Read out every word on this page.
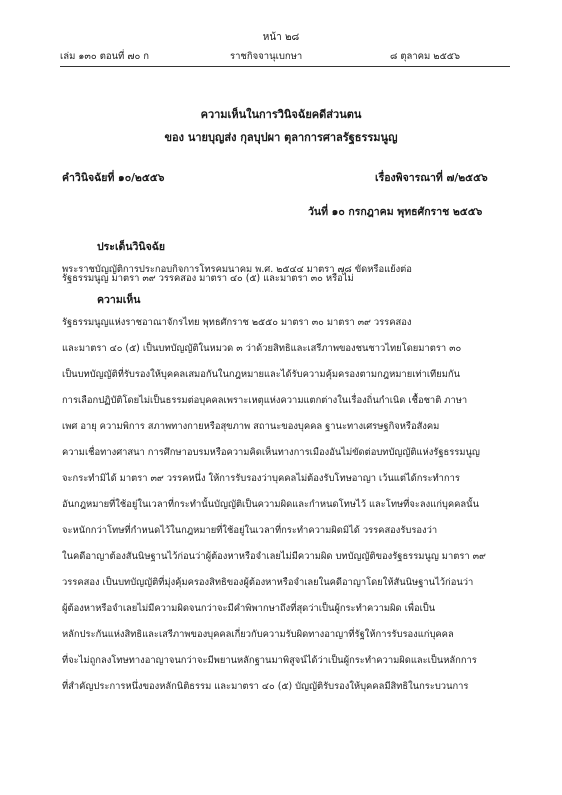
หน้า ๒๘
เล่ม ๑๓๐ ตอนที่ ๗๐ ก	ราชกิจจานุเบกษา	๘ ตุลาคม ๒๕๕๖
ความเห็นในการวินิจฉัยคดีส่วนตน
ของ นายบุญส่ง กุลบุปผา ตุลาการศาลรัฐธรรมนูญ
คำวินิจฉัยที่ ๑๐/๒๕๕๖	เรื่องพิจารณาที่ ๗/๒๕๕๖
วันที่ ๑๐ กรกฎาคม พุทธศักราช ๒๕๕๖
ประเด็นวินิจฉัย
พระราชบัญญัติการประกอบกิจการโทรคมนาคม พ.ศ. ๒๕๔๔ มาตรา ๗๘ ขัดหรือแย้งต่อ
ความเห็น
รัฐธรรมนูญ มาตรา ๓๙ วรรคสอง มาตรา ๔๐ (๕) และมาตรา ๓๐ หรือไม่
รัฐธรรมนูญแห่งราชอาณาจักรไทย พุทธศักราช ๒๕๕๐ มาตรา ๓๐ มาตรา ๓๙ วรรคสอง
และมาตรา ๔๐ (๕) เป็นบทบัญญัติในหมวด ๓ ว่าด้วยสิทธิและเสรีภาพของชนชาวไทยโดยมาตรา ๓๐
เป็นบทบัญญัติที่รับรองให้บุคคลเสมอกันในกฎหมายและได้รับความคุ้มครองตามกฎหมายเท่าเทียมกัน
การเลือกปฏิบัติโดยไม่เป็นธรรมต่อบุคคลเพราะเหตุแห่งความแตกต่างในเรื่องถิ่นกำเนิด เชื้อชาติ ภาษา
เพศ อายุ ความพิการ สภาพทางกายหรือสุขภาพ สถานะของบุคคล ฐานะทางเศรษฐกิจหรือสังคม
ความเชื่อทางศาสนา การศึกษาอบรมหรือความคิดเห็นทางการเมืองอันไม่ขัดต่อบทบัญญัติแห่งรัฐธรรมนูญ
จะกระทำมิได้ มาตรา ๓๙ วรรคหนึ่ง ให้การรับรองว่าบุคคลไม่ต้องรับโทษอาญา เว้นแต่ได้กระทำการ
อันกฎหมายที่ใช้อยู่ในเวลาที่กระทำนั้นบัญญัติเป็นความผิดและกำหนดโทษไว้ และโทษที่จะลงแก่บุคคลนั้น
จะหนักกว่าโทษที่กำหนดไว้ในกฎหมายที่ใช้อยู่ในเวลาที่กระทำความผิดมิได้ วรรคสองรับรองว่า
ในคดีอาญาต้องสันนิษฐานไว้ก่อนว่าผู้ต้องหาหรือจำเลยไม่มีความผิด บทบัญญัติของรัฐธรรมนูญ มาตรา ๓๙
วรรคสอง เป็นบทบัญญัติที่มุ่งคุ้มครองสิทธิของผู้ต้องหาหรือจำเลยในคดีอาญาโดยให้สันนิษฐานไว้ก่อนว่า
ผู้ต้องหาหรือจำเลยไม่มีความผิดจนกว่าจะมีคำพิพากษาถึงที่สุดว่าเป็นผู้กระทำความผิด เพื่อเป็น
หลักประกันแห่งสิทธิและเสรีภาพของบุคคลเกี่ยวกับความรับผิดทางอาญาที่รัฐให้การรับรองแก่บุคคล
ที่จะไม่ถูกลงโทษทางอาญาจนกว่าจะมีพยานหลักฐานมาพิสูจน์ได้ว่าเป็นผู้กระทำความผิดและเป็นหลักการ
ที่สำคัญประการหนึ่งของหลักนิติธรรม และมาตรา ๔๐ (๕) บัญญัติรับรองให้บุคคลมีสิทธิในกระบวนการ
